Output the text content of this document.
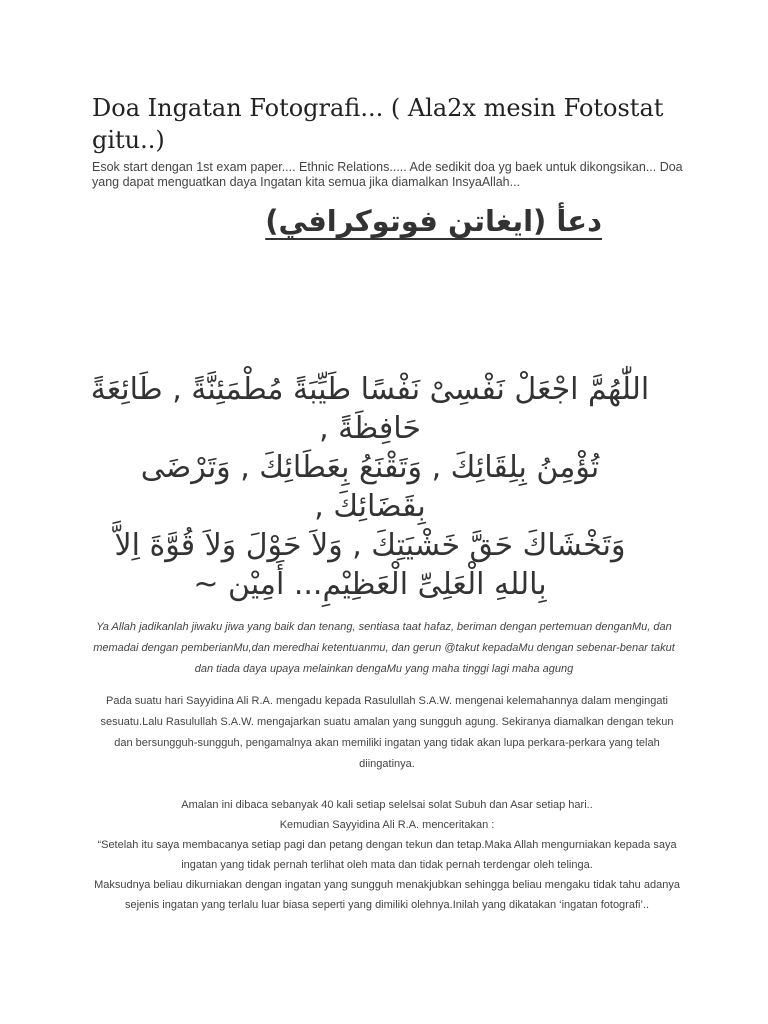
Doa Ingatan Fotografi... ( Ala2x mesin Fotostat gitu..)
Esok start dengan 1st exam paper.... Ethnic Relations..... Ade sedikit doa yg baek untuk dikongsikan... Doa yang dapat menguatkan daya Ingatan kita semua jika diamalkan InsyaAllah...
دعأ (ايغاتن فوتوكرافي)

اللّٰهُمَّ اجْعَلْ نَفْسِىْ نَفْسًا طَيِّبَةً مُطْمَئِنَّةً , طَائِعَةً حَافِظَةً ,

تُؤْمِنُ بِلِقَائِكَ , وَتَقْنَعُ بِعَطَائِكَ , وَتَرْضَى بِقَضَائِكَ ,

وَتَخْشَاكَ حَقَّ خَشْيَتِكَ , وَلاَ حَوْلَ وَلاَ قُوَّةَ اِلاَّ بِاللهِ الْعَلِىِّ الْعَظِيْمِ... أَمِيْن ~

Ya Allah jadikanlah jiwaku jiwa yang baik dan tenang, sentiasa taat hafaz, beriman dengan pertemuan denganMu, dan memadai dengan pemberianMu,dan meredhai ketentuanmu, dan gerun @takut kepadaMu dengan sebenar-benar takut dan tiada daya upaya melainkan dengaMu yang maha tinggi lagi maha agung

Pada suatu hari Sayyidina Ali R.A. mengadu kepada Rasulullah S.A.W. mengenai kelemahannya dalam mengingati sesuatu.Lalu Rasulullah S.A.W. mengajarkan suatu amalan yang sungguh agung. Sekiranya diamalkan dengan tekun dan bersungguh-sungguh, pengamalnya akan memiliki ingatan yang tidak akan lupa perkara-perkara yang telah diingatinya.

Amalan ini dibaca sebanyak 40 kali setiap selelsai solat Subuh dan Asar setiap hari..

Kemudian Sayyidina Ali R.A. menceritakan :

“Setelah itu saya membacanya setiap pagi dan petang dengan tekun dan tetap.Maka Allah mengurniakan kepada saya ingatan yang tidak pernah terlihat oleh mata dan tidak pernah terdengar oleh telinga.

Maksudnya beliau dikurniakan dengan ingatan yang sungguh menakjubkan sehingga beliau mengaku tidak tahu adanya sejenis ingatan yang terlalu luar biasa seperti yang dimiliki olehnya.Inilah yang dikatakan ‘ingatan fotografi’..
